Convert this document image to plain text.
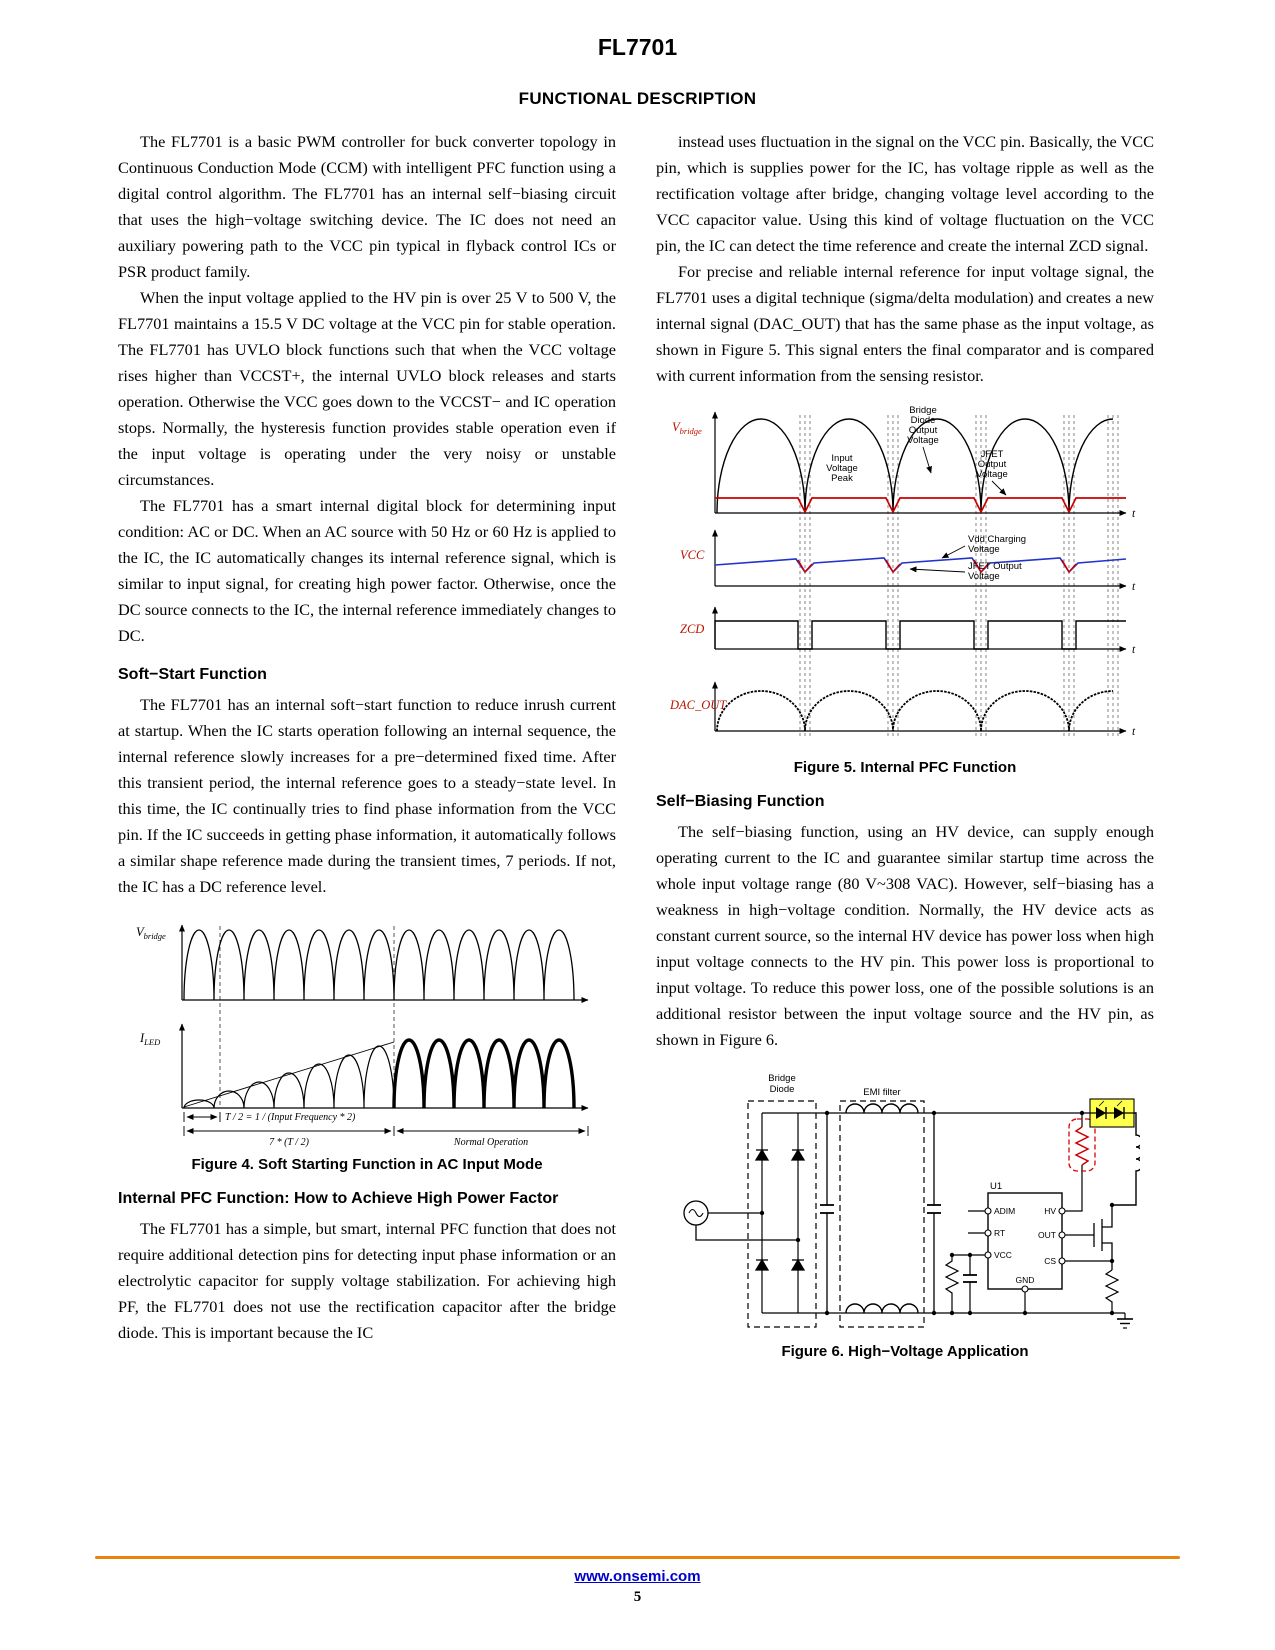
FL7701
FUNCTIONAL DESCRIPTION

The FL7701 is a basic PWM controller for buck converter topology in Continuous Conduction Mode (CCM) with intelligent PFC function using a digital control algorithm. The FL7701 has an internal self−biasing circuit that uses the high−voltage switching device. The IC does not need an auxiliary powering path to the VCC pin typical in flyback control ICs or PSR product family.

When the input voltage applied to the HV pin is over 25 V to 500 V, the FL7701 maintains a 15.5 V DC voltage at the VCC pin for stable operation. The FL7701 has UVLO block functions such that when the VCC voltage rises higher than VCCST+, the internal UVLO block releases and starts operation. Otherwise the VCC goes down to the VCCST− and IC operation stops. Normally, the hysteresis function provides stable operation even if the input voltage is operating under the very noisy or unstable circumstances.

The FL7701 has a smart internal digital block for determining input condition: AC or DC. When an AC source with 50 Hz or 60 Hz is applied to the IC, the IC automatically changes its internal reference signal, which is similar to input signal, for creating high power factor. Otherwise, once the DC source connects to the IC, the internal reference immediately changes to DC.

Soft−Start Function

The FL7701 has an internal soft−start function to reduce inrush current at startup. When the IC starts operation following an internal sequence, the internal reference slowly increases for a pre−determined fixed time. After this transient period, the internal reference goes to a steady−state level. In this time, the IC continually tries to find phase information from the VCC pin. If the IC succeeds in getting phase information, it automatically follows a similar shape reference made during the transient times, 7 periods. If not, the IC has a DC reference level.

$V_{bridge}$
$I_{LED}$
T / 2 = 1 / (Input Frequency * 2)
7 * (T / 2)	Normal Operation
Figure 4. Soft Starting Function in AC Input Mode
Internal PFC Function: How to Achieve High Power Factor

The FL7701 has a simple, but smart, internal PFC function that does not require additional detection pins for detecting input phase information or an electrolytic capacitor for supply voltage stabilization. For achieving high PF, the FL7701 does not use the rectification capacitor after the bridge diode. This is important because the IC

instead uses fluctuation in the signal on the VCC pin. Basically, the VCC pin, which is supplies power for the IC, has voltage ripple as well as the rectification voltage after bridge, changing voltage level according to the VCC capacitor value. Using this kind of voltage fluctuation on the VCC pin, the IC can detect the time reference and create the internal ZCD signal.

For precise and reliable internal reference for input voltage signal, the FL7701 uses a digital technique (sigma/delta modulation) and creates a new internal signal (DAC_OUT) that has the same phase as the input voltage, as shown in Figure 5. This signal enters the final comparator and is compared with current information from the sensing resistor.

$V_{bridge}$
t
Bridge
Diode
Output
Voltage
Input
Voltage
Peak
JFET
Output
Voltage
VCC
t
Vdd Charging
Voltage
JFET Output
Voltage
ZCD
t
DAC_OUT
t
Figure 5. Internal PFC Function
Self−Biasing Function

The self−biasing function, using an HV device, can supply enough operating current to the IC and guarantee similar startup time across the whole input voltage range (80 V~308 VAC). However, self−biasing has a weakness in high−voltage condition. Normally, the HV device acts as constant current source, so the internal HV device has power loss when high input voltage connects to the HV pin. This power loss is proportional to input voltage. To reduce this power loss, one of the possible solutions is an additional resistor between the input voltage source and the HV pin, as shown in Figure 6.

Bridge
Diode	EMI filter
U1
ADIM
RT
VCC
HV
OUT
CS
GND
Figure 6. High−Voltage Application
www.onsemi.com
5
